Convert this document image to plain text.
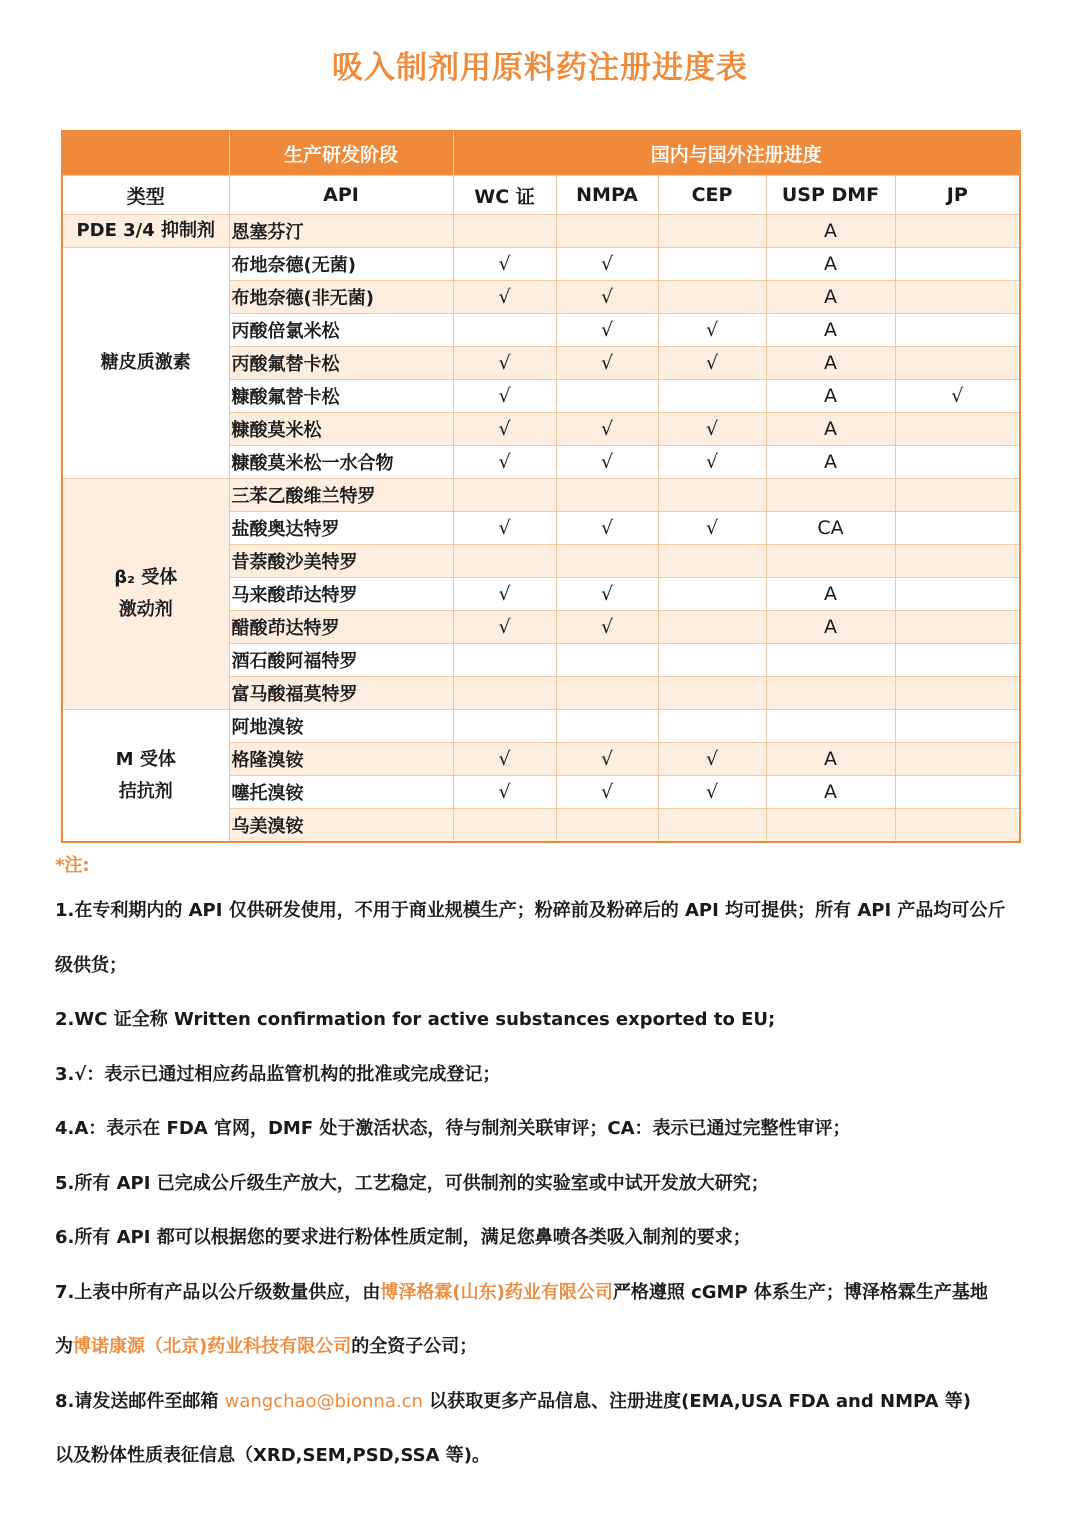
吸入制剂用原料药注册进度表
	生产研发阶段	国内与国外注册进度				
类型	API	WC 证	NMPA	CEP	USP DMF	JP

PDE 3/4 抑制剂	恩塞芬汀				A	

糖皮质激素	布地奈德(无菌)	√	√		A	
	布地奈德(非无菌)	√	√		A	
	丙酸倍氯米松		√	√	A	
	丙酸氟替卡松	√	√	√	A	
	糠酸氟替卡松	√			A	√
	糠酸莫米松	√	√	√	A	
	糠酸莫米松一水合物	√	√	√	A	

β₂ 受体
激动剂	三苯乙酸维兰特罗					
	盐酸奥达特罗	√	√	√	CA	
	昔萘酸沙美特罗					
	马来酸茚达特罗	√	√		A	
	醋酸茚达特罗	√	√		A	
	酒石酸阿福特罗					
	富马酸福莫特罗					

M 受体
拮抗剂	阿地溴铵					
	格隆溴铵	√	√	√	A	
	噻托溴铵	√	√	√	A	
	乌美溴铵					
*注:
1.在专利期内的 API 仅供研发使用，不用于商业规模生产；粉碎前及粉碎后的 API 均可提供；所有 API 产品均可公斤
级供货；
2.WC 证全称 Written confirmation for active substances exported to EU;
3.√：表示已通过相应药品监管机构的批准或完成登记；
4.A：表示在 FDA 官网，DMF 处于激活状态，待与制剂关联审评；CA：表示已通过完整性审评；
5.所有 API 已完成公斤级生产放大，工艺稳定，可供制剂的实验室或中试开发放大研究；
6.所有 API 都可以根据您的要求进行粉体性质定制，满足您鼻喷各类吸入制剂的要求；
7.上表中所有产品以公斤级数量供应，由博泽格霖(山东)药业有限公司严格遵照 cGMP 体系生产；博泽格霖生产基地
为博诺康源（北京)药业科技有限公司的全资子公司；
8.请发送邮件至邮箱 wangchao@bionna.cn 以获取更多产品信息、注册进度(EMA,USA FDA and NMPA 等)
以及粉体性质表征信息（XRD,SEM,PSD,SSA 等)。
